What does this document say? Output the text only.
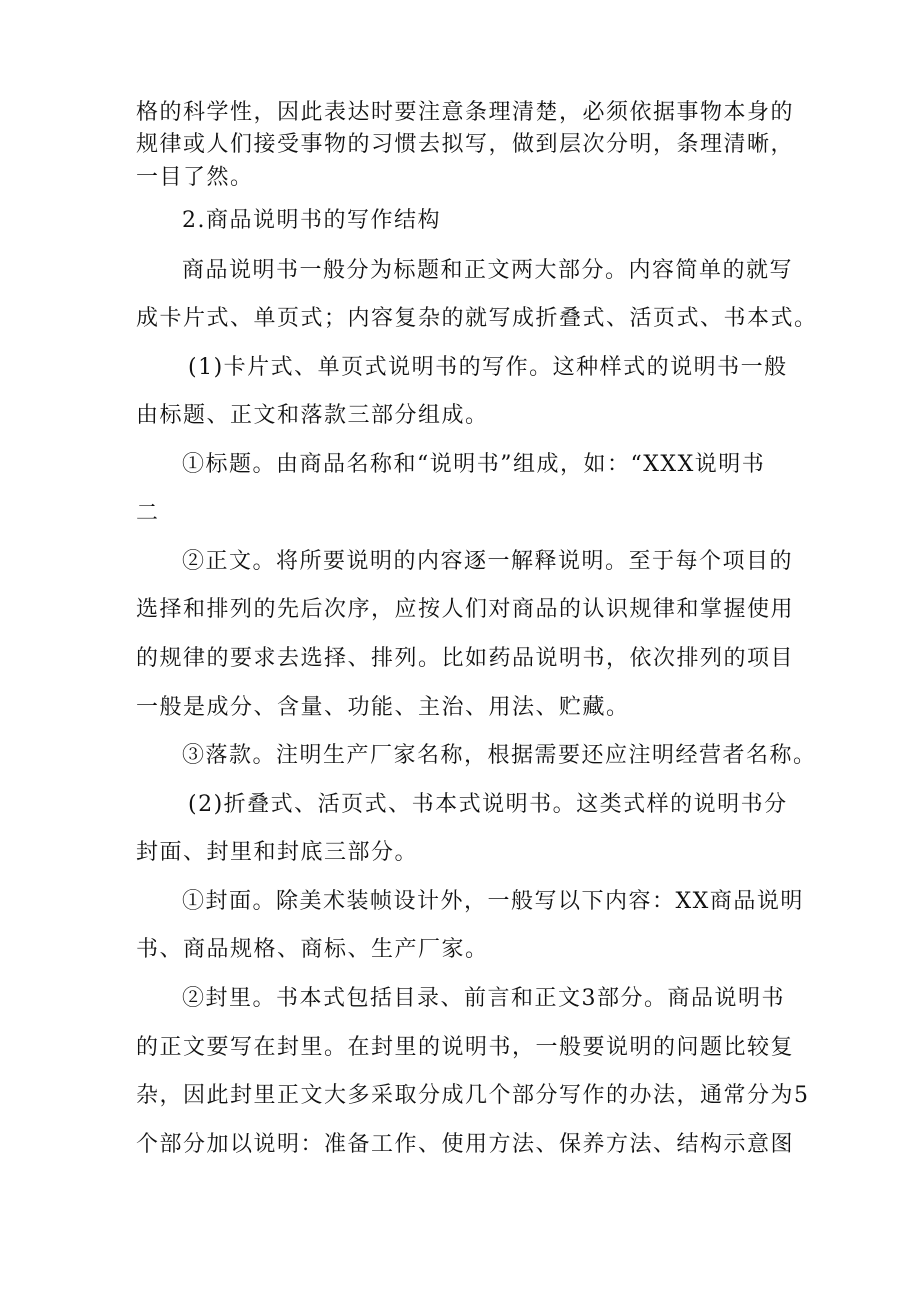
格的科学性，因此表达时要注意条理清楚，必须依据事物本身的
规律或人们接受事物的习惯去拟写，做到层次分明，条理清晰，
一目了然。
2.商品说明书的写作结构
商品说明书一般分为标题和正文两大部分。内容简单的就写
成卡片式、单页式；内容复杂的就写成折叠式、活页式、书本式。
(1)卡片式、单页式说明书的写作。这种样式的说明书一般
由标题、正文和落款三部分组成。
①标题。由商品名称和“说明书”组成，如：“XXX说明书
二
②正文。将所要说明的内容逐一解释说明。至于每个项目的
选择和排列的先后次序，应按人们对商品的认识规律和掌握使用
的规律的要求去选择、排列。比如药品说明书，依次排列的项目
一般是成分、含量、功能、主治、用法、贮藏。
③落款。注明生产厂家名称，根据需要还应注明经营者名称。
(2)折叠式、活页式、书本式说明书。这类式样的说明书分
封面、封里和封底三部分。
①封面。除美术装帧设计外，一般写以下内容：XX商品说明
书、商品规格、商标、生产厂家。
②封里。书本式包括目录、前言和正文3部分。商品说明书
的正文要写在封里。在封里的说明书，一般要说明的问题比较复
杂，因此封里正文大多采取分成几个部分写作的办法，通常分为5
个部分加以说明：准备工作、使用方法、保养方法、结构示意图
